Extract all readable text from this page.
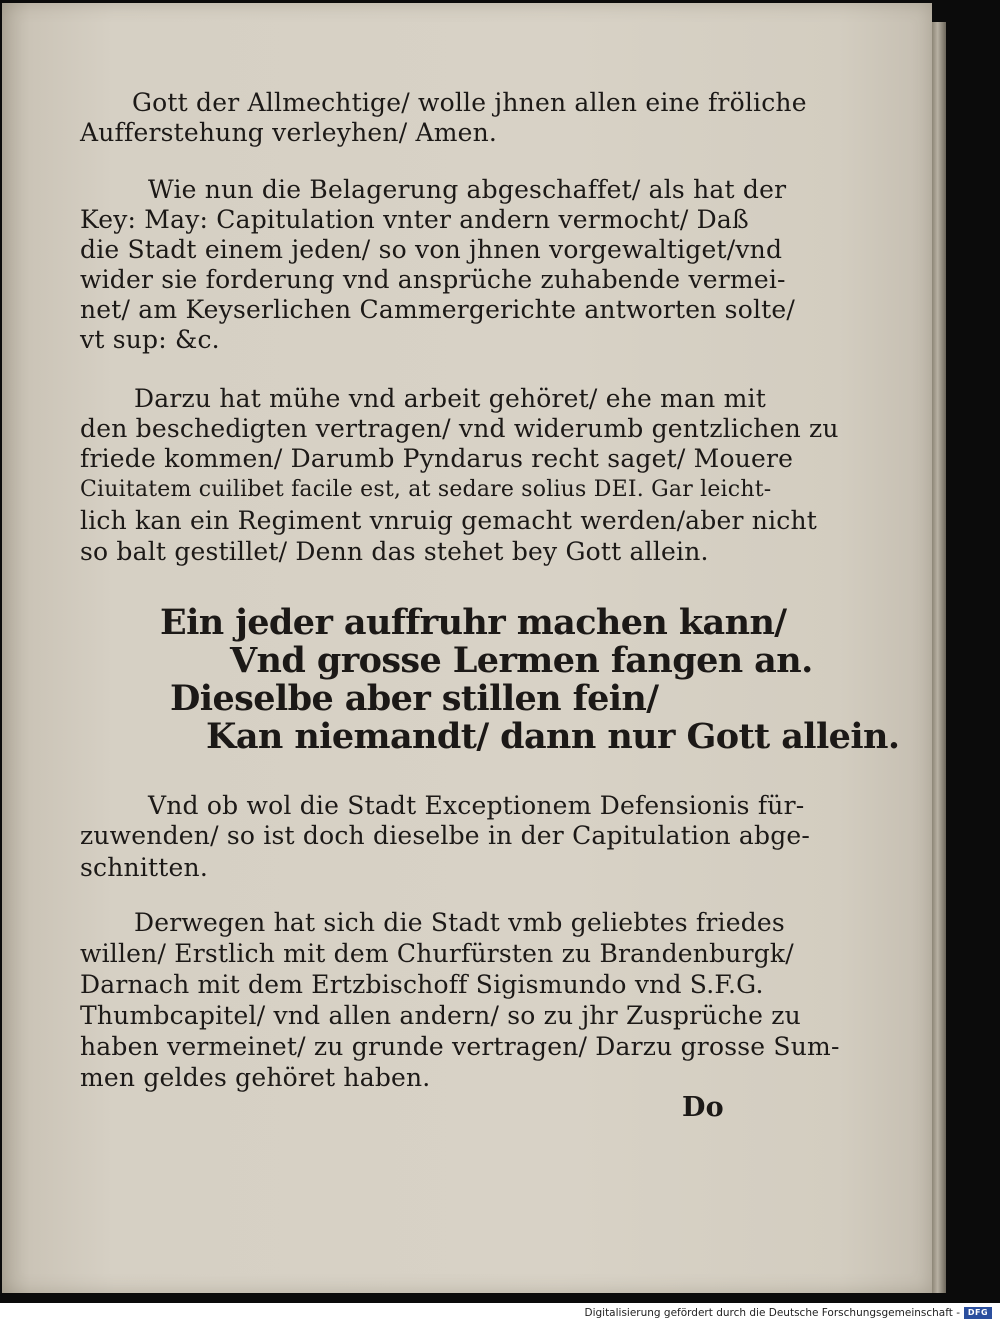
Gott der Allmechtige/ wolle jhnen allen eine fröliche
Aufferstehung verleyhen/ Amen.
Wie nun die Belagerung abgeschaffet/ als hat der
Key: May: Capitulation vnter andern vermocht/ Daß
die Stadt einem jeden/ so von jhnen vorgewaltiget/vnd
wider sie forderung vnd ansprüche zuhabende vermei-
net/ am Keyserlichen Cammergerichte antworten solte/
vt sup: &c.
Darzu hat mühe vnd arbeit gehöret/ ehe man mit
den beschedigten vertragen/ vnd widerumb gentzlichen zu
friede kommen/ Darumb Pyndarus recht saget/ Mouere
Ciuitatem cuilibet facile est, at sedare solius DEI. Gar leicht-
lich kan ein Regiment vnruig gemacht werden/aber nicht
so balt gestillet/ Denn das stehet bey Gott allein.
Ein jeder auffruhr machen kann/
Vnd grosse Lermen fangen an.
Dieselbe aber stillen fein/
Kan niemandt/ dann nur Gott allein.
Vnd ob wol die Stadt Exceptionem Defensionis für-
zuwenden/ so ist doch dieselbe in der Capitulation abge-
schnitten.
Derwegen hat sich die Stadt vmb geliebtes friedes
willen/ Erstlich mit dem Churfürsten zu Brandenburgk/
Darnach mit dem Ertzbischoff Sigismundo vnd S.F.G.
Thumbcapitel/ vnd allen andern/ so zu jhr Zusprüche zu
haben vermeinet/ zu grunde vertragen/ Darzu grosse Sum-
men geldes gehöret haben.
Do
Digitalisierung gefördert durch die Deutsche Forschungsgemeinschaft - DFG
